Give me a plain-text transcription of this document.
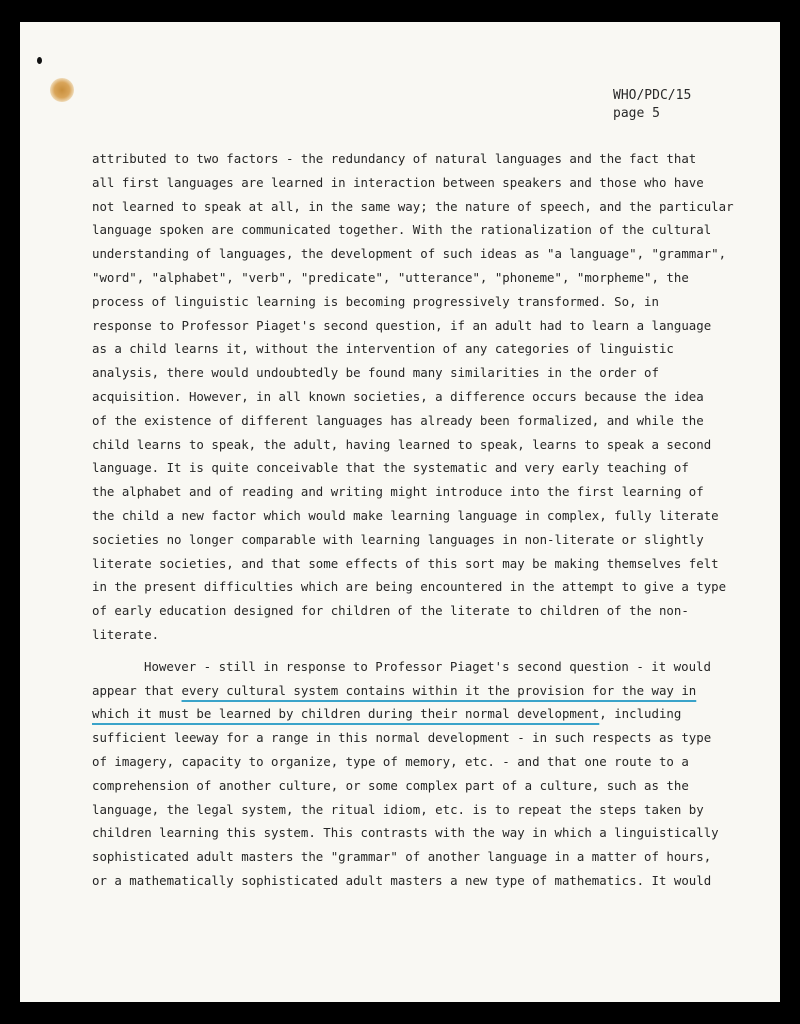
WHO/PDC/15
page 5
attributed to two factors - the redundancy of natural languages and the fact that
all first languages are learned in interaction between speakers and those who have
not learned to speak at all, in the same way; the nature of speech, and the particular
language spoken are communicated together. With the rationalization of the cultural
understanding of languages, the development of such ideas as "a language", "grammar",
"word", "alphabet", "verb", "predicate", "utterance", "phoneme", "morpheme", the
process of linguistic learning is becoming progressively transformed. So, in
response to Professor Piaget's second question, if an adult had to learn a language
as a child learns it, without the intervention of any categories of linguistic
analysis, there would undoubtedly be found many similarities in the order of
acquisition. However, in all known societies, a difference occurs because the idea
of the existence of different languages has already been formalized, and while the
child learns to speak, the adult, having learned to speak, learns to speak a second
language. It is quite conceivable that the systematic and very early teaching of
the alphabet and of reading and writing might introduce into the first learning of
the child a new factor which would make learning language in complex, fully literate
societies no longer comparable with learning languages in non-literate or slightly
literate societies, and that some effects of this sort may be making themselves felt
in the present difficulties which are being encountered in the attempt to give a type
of early education designed for children of the literate to children of the non-
literate.
However - still in response to Professor Piaget's second question - it would
appear that every cultural system contains within it the provision for the way in
which it must be learned by children during their normal development, including
sufficient leeway for a range in this normal development - in such respects as type
of imagery, capacity to organize, type of memory, etc. - and that one route to a
comprehension of another culture, or some complex part of a culture, such as the
language, the legal system, the ritual idiom, etc. is to repeat the steps taken by
children learning this system. This contrasts with the way in which a linguistically
sophisticated adult masters the "grammar" of another language in a matter of hours,
or a mathematically sophisticated adult masters a new type of mathematics. It would
